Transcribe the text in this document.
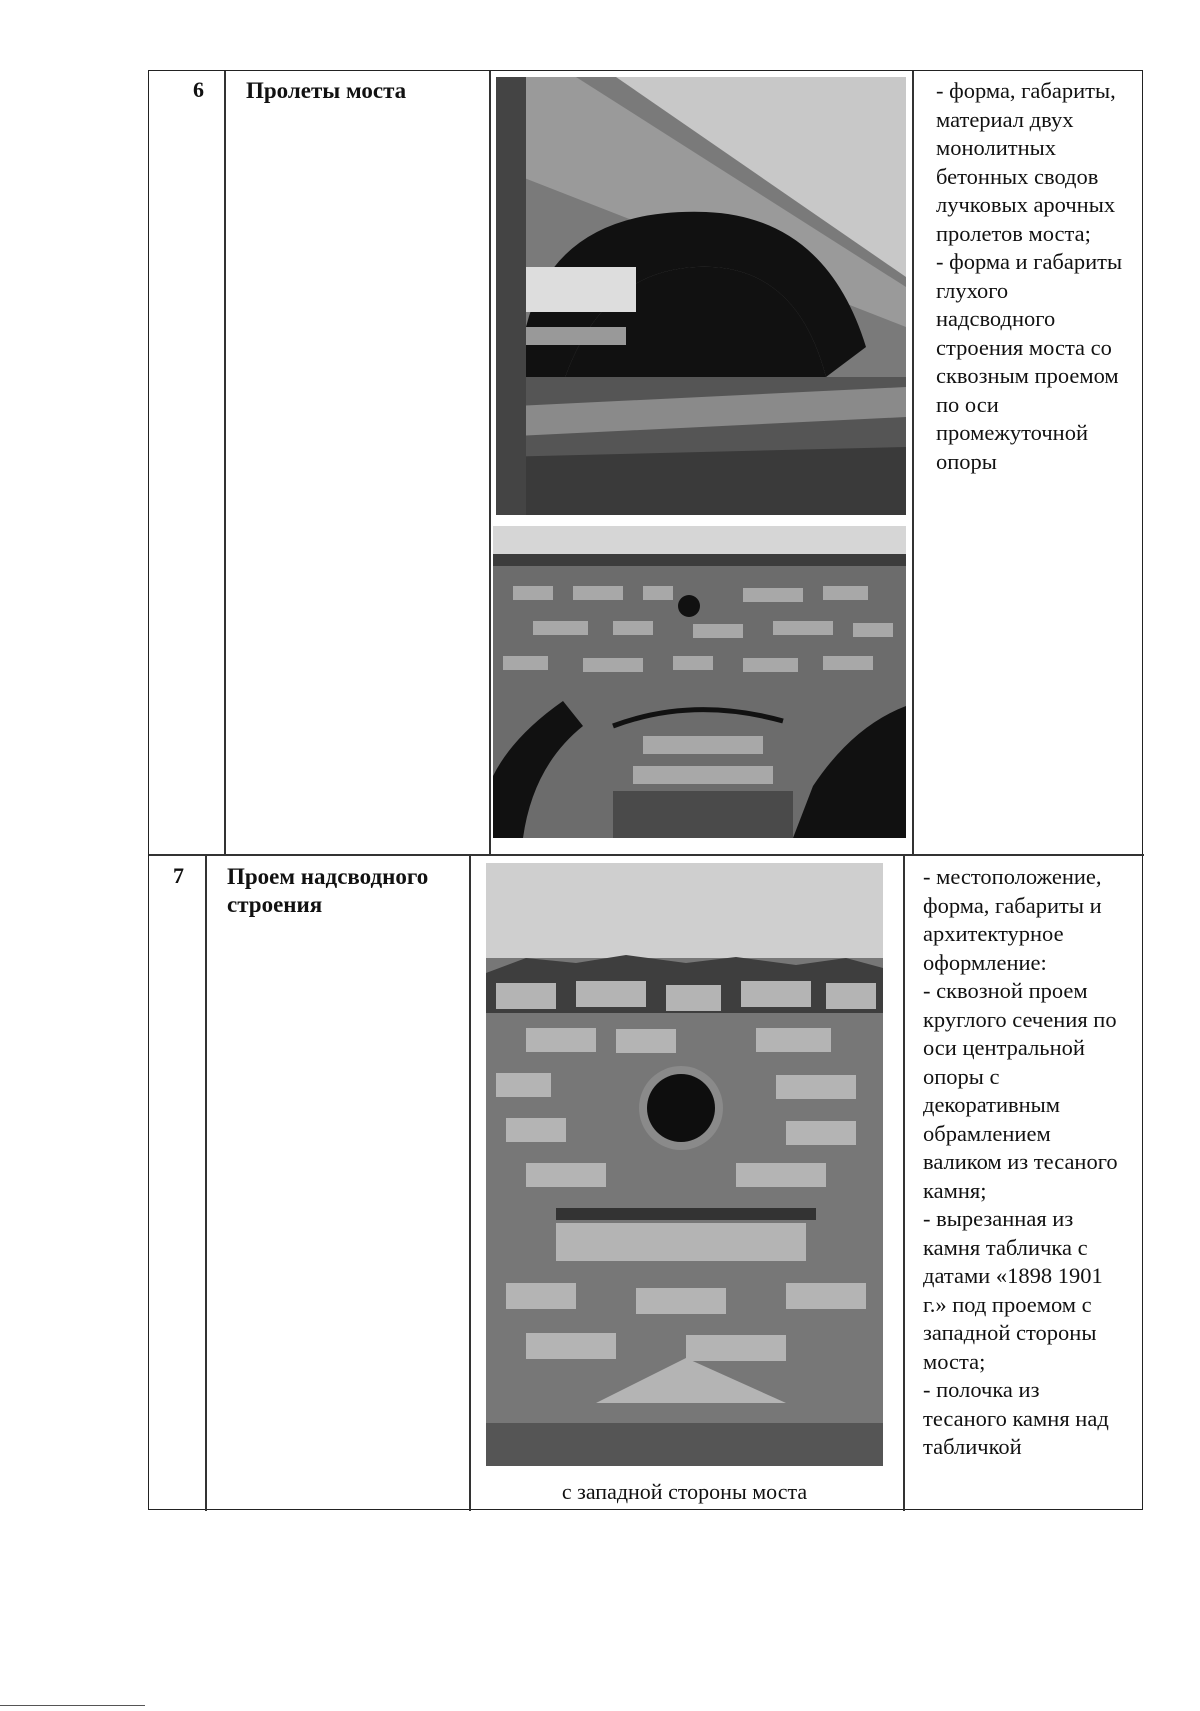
6 Пролеты моста	- форма, габариты,
материал двух
монолитных
бетонных сводов
лучковых арочных
пролетов моста;
- форма и габариты
глухого
надсводного
строения моста со
сквозным проемом
по оси
промежуточной
опоры
7 Проем надсводного
строения
с западной стороны моста
- местоположение,
форма, габариты и
архитектурное
оформление:
- сквозной проем
круглого сечения по
оси центральной
опоры с
декоративным
обрамлением
валиком из тесаного
камня;
- вырезанная из
камня табличка с
датами «1898 1901
г.» под проемом с
западной стороны
моста;
- полочка из
тесаного камня над
табличкой
